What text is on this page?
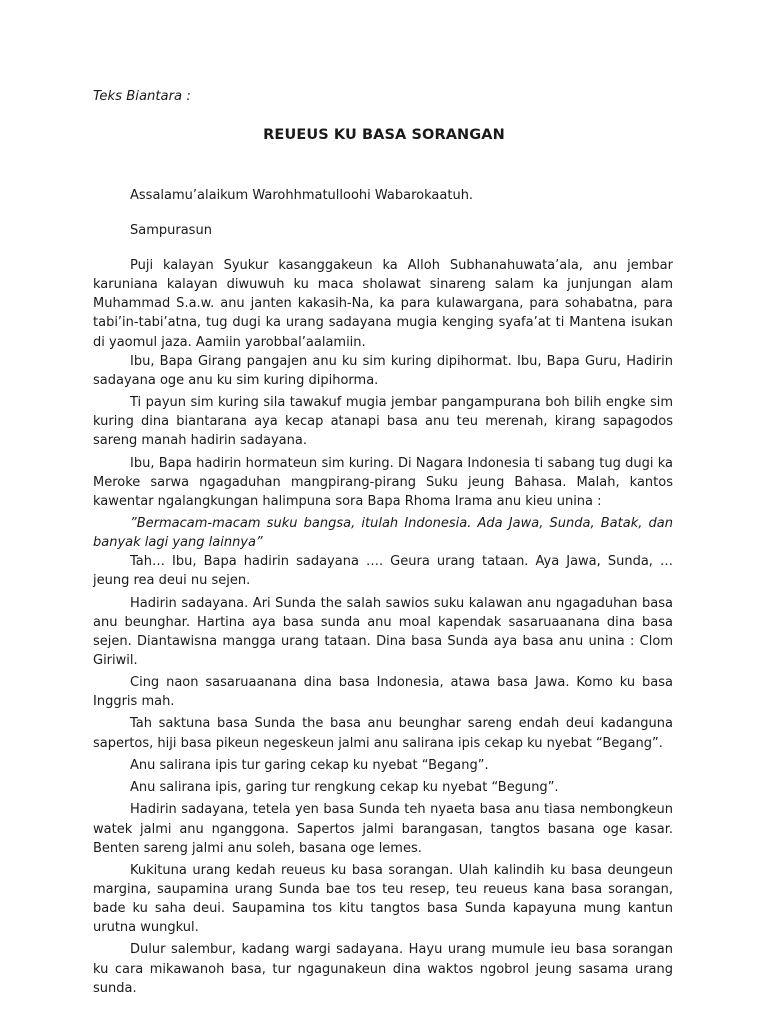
Teks Biantara :

REUEUS KU BASA SORANGAN

Assalamu’alaikum Warohhmatulloohi Wabarokaatuh.

Sampurasun

Puji kalayan Syukur kasanggakeun ka Alloh Subhanahuwata’ala, anu jembar karuniana kalayan diwuwuh ku maca sholawat sinareng salam ka junjungan alam Muhammad S.a.w. anu janten kakasih-Na, ka para kulawargana, para sohabatna, para tabi’in-tabi’atna, tug dugi ka urang sadayana mugia kenging syafa’at ti Mantena isukan di yaomul jaza. Aamiin yarobbal’aalamiin.

Ibu, Bapa Girang pangajen anu ku sim kuring dipihormat. Ibu, Bapa Guru, Hadirin sadayana oge anu ku sim kuring dipihorma.

Ti payun sim kuring sila tawakuf mugia jembar pangampurana boh bilih engke sim kuring dina biantarana aya kecap atanapi basa anu teu merenah, kirang sapagodos sareng manah hadirin sadayana.

Ibu, Bapa hadirin hormateun sim kuring. Di Nagara Indonesia ti sabang tug dugi ka Meroke sarwa ngagaduhan mangpirang-pirang Suku jeung Bahasa. Malah, kantos kawentar ngalangkungan halimpuna sora Bapa Rhoma Irama anu kieu unina :

”Bermacam-macam suku bangsa, itulah Indonesia. Ada Jawa, Sunda, Batak, dan banyak lagi yang lainnya”

Tah… Ibu, Bapa hadirin sadayana …. Geura urang tataan. Aya Jawa, Sunda, … jeung rea deui nu sejen.

Hadirin sadayana. Ari Sunda the salah sawios suku kalawan anu ngagaduhan basa anu beunghar. Hartina aya basa sunda anu moal kapendak sasaruaanana dina basa sejen. Diantawisna mangga urang tataan. Dina basa Sunda aya basa anu unina : Clom Giriwil.

Cing naon sasaruaanana dina basa Indonesia, atawa basa Jawa. Komo ku basa Inggris mah.

Tah saktuna basa Sunda the basa anu beunghar sareng endah deui kadanguna sapertos, hiji basa pikeun negeskeun jalmi anu salirana ipis cekap ku nyebat “Begang”.

Anu salirana ipis tur garing cekap ku nyebat “Begang”.

Anu salirana ipis, garing tur rengkung cekap ku nyebat “Begung”.

Hadirin sadayana, tetela yen basa Sunda teh nyaeta basa anu tiasa nembongkeun watek jalmi anu nganggona. Sapertos jalmi barangasan, tangtos basana oge kasar. Benten sareng jalmi anu soleh, basana oge lemes.

Kukituna urang kedah reueus ku basa sorangan. Ulah kalindih ku basa deungeun margina, saupamina urang Sunda bae tos teu resep, teu reueus kana basa sorangan, bade ku saha deui. Saupamina tos kitu tangtos basa Sunda kapayuna mung kantun urutna wungkul.

Dulur salembur, kadang wargi sadayana. Hayu urang mumule ieu basa sorangan ku cara mikawanoh basa, tur ngagunakeun dina waktos ngobrol jeung sasama urang sunda.
